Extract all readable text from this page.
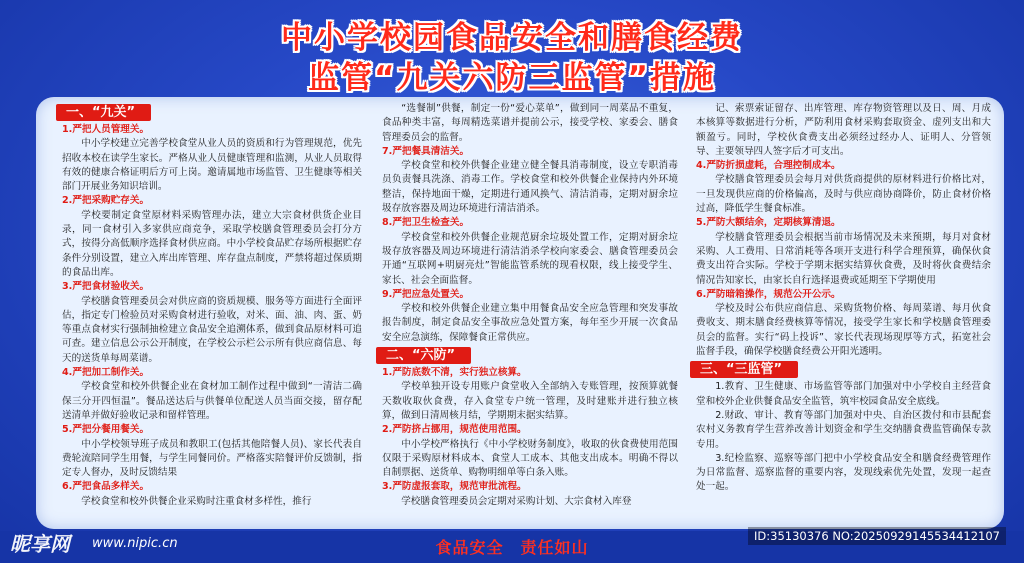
中小学校园食品安全和膳食经费
监管“九关六防三监管”措施
一、“九关”
1.严把人员管理关。
中小学校建立完善学校食堂从业人员的资质和行为管理规范，优先招收本校在读学生家长。严格从业人员健康管理和监测，从业人员取得有效的健康合格证明后方可上岗。邀请属地市场监管、卫生健康等相关部门开展业务知识培训。
2.严把采购贮存关。
学校要制定食堂原材料采购管理办法，建立大宗食材供货企业目录，同一食材引入多家供应商竞争，采取学校膳食管理委员会打分方式，按得分高低顺序选择食材供应商。中小学校食品贮存场所根据贮存条件分别设置，建立入库出库管理、库存盘点制度，严禁将超过保质期的食品出库。
3.严把食材验收关。
学校膳食管理委员会对供应商的资质规模、服务等方面进行全面评估，指定专门检验员对采购食材进行验收，对米、面、油、肉、蛋、奶等重点食材实行强制抽检建立食品安全追溯体系，做到食品原材料可追可查。建立信息公示公开制度，在学校公示栏公示所有供应商信息、每天的送货单每周菜谱。
4.严把加工制作关。
学校食堂和校外供餐企业在食材加工制作过程中做到“一清洁二确保三分开四恒温”。餐品送达后与供餐单位配送人员当面交接，留存配送清单并做好验收记录和留样管理。
5.严把分餐用餐关。
中小学校领导班子成员和教职工(包括其他陪餐人员)、家长代表自费轮流陪同学生用餐，与学生同餐同价。严格落实陪餐评价反馈制，指定专人督办，及时反馈结果
6.严把食品多样关。
学校食堂和校外供餐企业采购时注重食材多样性，推行
“选餐制”供餐，制定一份“爱心菜单”，做到同一周菜品不重复，食品种类丰富，每周精选菜谱并提前公示，接受学校、家委会、膳食管理委员会的监督。
7.严把餐具清洁关。
学校食堂和校外供餐企业建立健全餐具消毒制度，设立专职消毒员负责餐具洗涤、消毒工作。学校食堂和校外供餐企业保持内外环境整洁，保持地面干燥，定期进行通风换气、清洁消毒，定期对厨余垃圾存放容器及周边环境进行清洁消杀。
8.严把卫生检查关。
学校食堂和校外供餐企业规范厨余垃圾处置工作，定期对厨余垃圾存放容器及周边环境进行清洁消杀学校向家委会、膳食管理委员会开通“互联网+明厨亮灶”智能监管系统的现看权限，线上接受学生、家长、社会全面监督。
9.严把应急处置关。
学校和校外供餐企业建立集中用餐食品安全应急管理和突发事故报告制度，制定食品安全事故应急处置方案，每年至少开展一次食品安全应急演练，保障餐食正常供应。
二、“六防”
1.严防底数不清，实行独立核算。
学校单独开设专用账户食堂收入全部纳入专账管理，按预算就餐天数收取伙食费，存入食堂专户统一管理，及时建账并进行独立核算，做到日清周核月结，学期期末据实结算。
2.严防挤占挪用，规范使用范围。
中小学校严格执行《中小学校财务制度》，收取的伙食费使用范围仅限于采购原材料成本、食堂人工成本、其他支出成本。明确不得以自制票据、送货单、购物明细单等白条入账。
3.严防虚报套取，规范审批流程。
学校膳食管理委员会定期对采购计划、大宗食材入库登
记、索票索证留存、出库管理、库存物资管理以及日、周、月成本核算等数据进行分析，严防利用食材采购套取资金、虚列支出和大额盈亏。同时，学校伙食费支出必须经过经办人、证明人、分管领导、主要领导四人签字后才可支出。
4.严防折损虚耗，合理控制成本。
学校膳食管理委员会每月对供货商提供的原材料进行价格比对，一旦发现供应商的价格偏高，及时与供应商协商降价，防止食材价格过高，降低学生餐食标准。
5.严防大额结余，定期核算清退。
学校膳食管理委员会根据当前市场情况及未来预期，每月对食材采购、人工费用、日常消耗等各项开支进行科学合理预算，确保伙食费支出符合实际。学校于学期末据实结算伙食费，及时将伙食费结余情况告知家长，由家长自行选择退费或延期至下学期使用
6.严防暗箱操作，规范公开公示。
学校及时公布供应商信息、采购货物价格、每周菜谱、每月伙食费收支、期末膳食经费核算等情况，接受学生家长和学校膳食管理委员会的监督。实行“码上投诉”、家长代表现场现厚等方式，拓宽社会监督手段，确保学校膳食经费公开阳光透明。
三、“三监管”
1.教育、卫生健康、市场监管等部门加强对中小学校自主经营食堂和校外企业供餐食品安全监管，筑牢校园食品安全底线。
2.财政、审计、教育等部门加强对中央、自治区拨付和市县配套农村义务教育学生营养改善计划资金和学生交纳膳食费监管确保专款专用。
3.纪检监察、巡察等部门把中小学校食品安全和膳食经费管理作为日常监督、巡察监督的重要内容，发现线索优先处置，发现一起查处一起。
食品安全　责任如山
昵享网 www.nipic.cn	ID:35130376 NO:20250929145534412107
